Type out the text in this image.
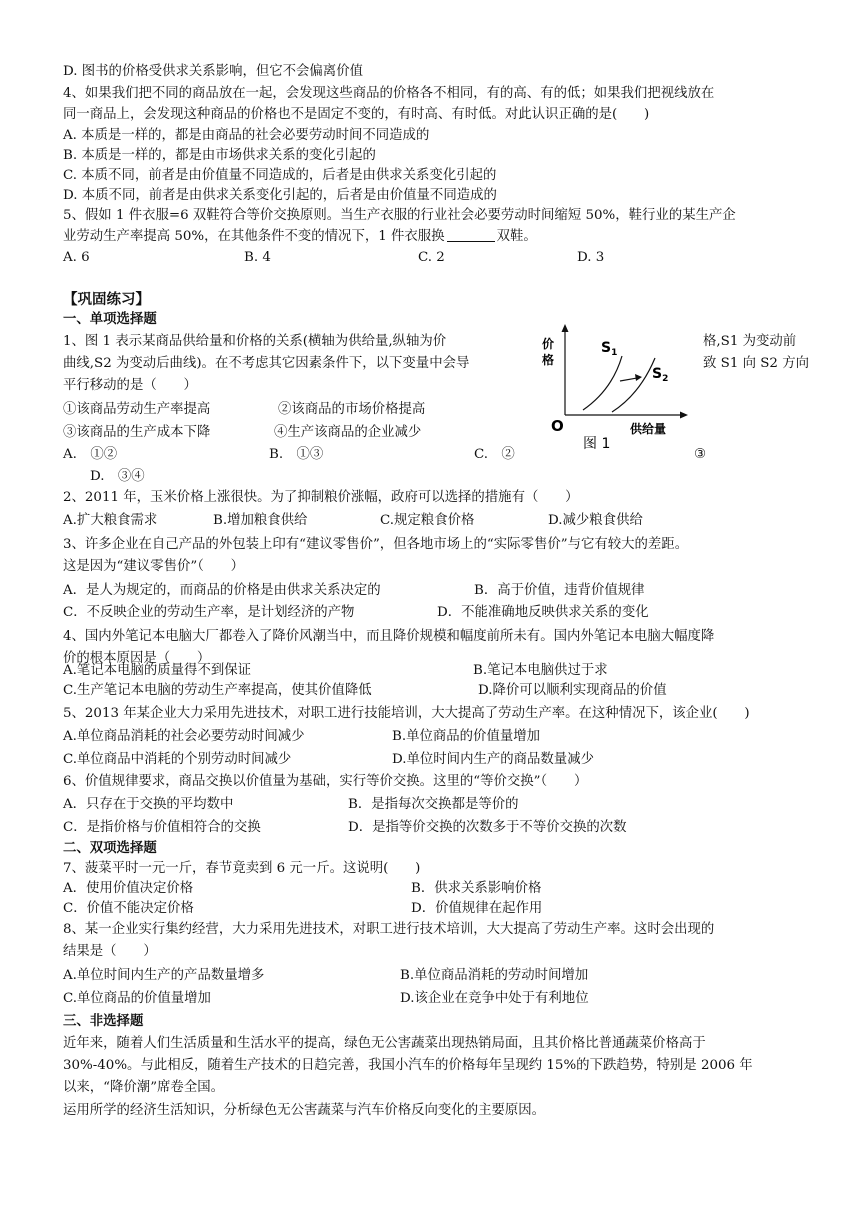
D. 图书的价格受供求关系影响，但它不会偏离价值
4、如果我们把不同的商品放在一起，会发现这些商品的价格各不相同，有的高、有的低；如果我们把视线放在
同一商品上，会发现这种商品的价格也不是固定不变的，有时高、有时低。对此认识正确的是(　　)
A. 本质是一样的，都是由商品的社会必要劳动时间不同造成的
B. 本质是一样的，都是由市场供求关系的变化引起的
C. 本质不同，前者是由价值量不同造成的，后者是由供求关系变化引起的
D. 本质不同，前者是由供求关系变化引起的，后者是由价值量不同造成的
5、假如 1 件衣服=6 双鞋符合等价交换原则。当生产衣服的行业社会必要劳动时间缩短 50%，鞋行业的某生产企
业劳动生产率提高 50%，在其他条件不变的情况下，1 件衣服换	双鞋。
A. 6	B. 4	C. 2	D. 3
【巩固练习】
一、单项选择题
1、图 1 表示某商品供给量和价格的关系(横轴为供给量,纵轴为价	格,S1 为变动前
曲线,S2 为变动后曲线)。在不考虑其它因素条件下，以下变量中会导	致 S1 向 S2 方向
平行移动的是（　　）
①该商品劳动生产率提高	②该商品的市场价格提高
③该商品的生产成本下降	④生产该商品的企业减少
A.　①②	B.　①③	C.　②	③
D.　③④
价
格
$S_1$
$S_2$
O	供给量
图 1
2、2011 年，玉米价格上涨很快。为了抑制粮价涨幅，政府可以选择的措施有（　　）
A.扩大粮食需求	B.增加粮食供给	C.规定粮食价格	D.减少粮食供给
3、许多企业在自己产品的外包装上印有“建议零售价”，但各地市场上的“实际零售价”与它有较大的差距。
这是因为“建议零售价”（　　）
A．是人为规定的，而商品的价格是由供求关系决定的	B．高于价值，违背价值规律
C．不反映企业的劳动生产率，是计划经济的产物	D．不能准确地反映供求关系的变化
4、国内外笔记本电脑大厂都卷入了降价风潮当中，而且降价规模和幅度前所未有。国内外笔记本电脑大幅度降
价的根本原因是（　　）
A.笔记本电脑的质量得不到保证	B.笔记本电脑供过于求
C.生产笔记本电脑的劳动生产率提高，使其价值降低	D.降价可以顺利实现商品的价值
5、2013 年某企业大力采用先进技术，对职工进行技能培训，大大提高了劳动生产率。在这种情况下，该企业(　　)
A.单位商品消耗的社会必要劳动时间减少	B.单位商品的价值量增加
C.单位商品中消耗的个别劳动时间减少	D.单位时间内生产的商品数量减少
6、价值规律要求，商品交换以价值量为基础，实行等价交换。这里的“等价交换”（　　）
A．只存在于交换的平均数中	B．是指每次交换都是等价的
C．是指价格与价值相符合的交换	D．是指等价交换的次数多于不等价交换的次数
二、双项选择题
7、菠菜平时一元一斤，春节竟卖到 6 元一斤。这说明(　　)
A．使用价值决定价格	B．供求关系影响价格
C．价值不能决定价格	D．价值规律在起作用
8、某一企业实行集约经营，大力采用先进技术，对职工进行技术培训，大大提高了劳动生产率。这时会出现的
结果是（　　）
A.单位时间内生产的产品数量增多	B.单位商品消耗的劳动时间增加
C.单位商品的价值量增加	D.该企业在竞争中处于有利地位
三、非选择题
近年来，随着人们生活质量和生活水平的提高，绿色无公害蔬菜出现热销局面，且其价格比普通蔬菜价格高于
30%-40%。与此相反，随着生产技术的日趋完善，我国小汽车的价格每年呈现约 15%的下跌趋势，特别是 2006 年
以来，“降价潮”席卷全国。
运用所学的经济生活知识，分析绿色无公害蔬菜与汽车价格反向变化的主要原因。
